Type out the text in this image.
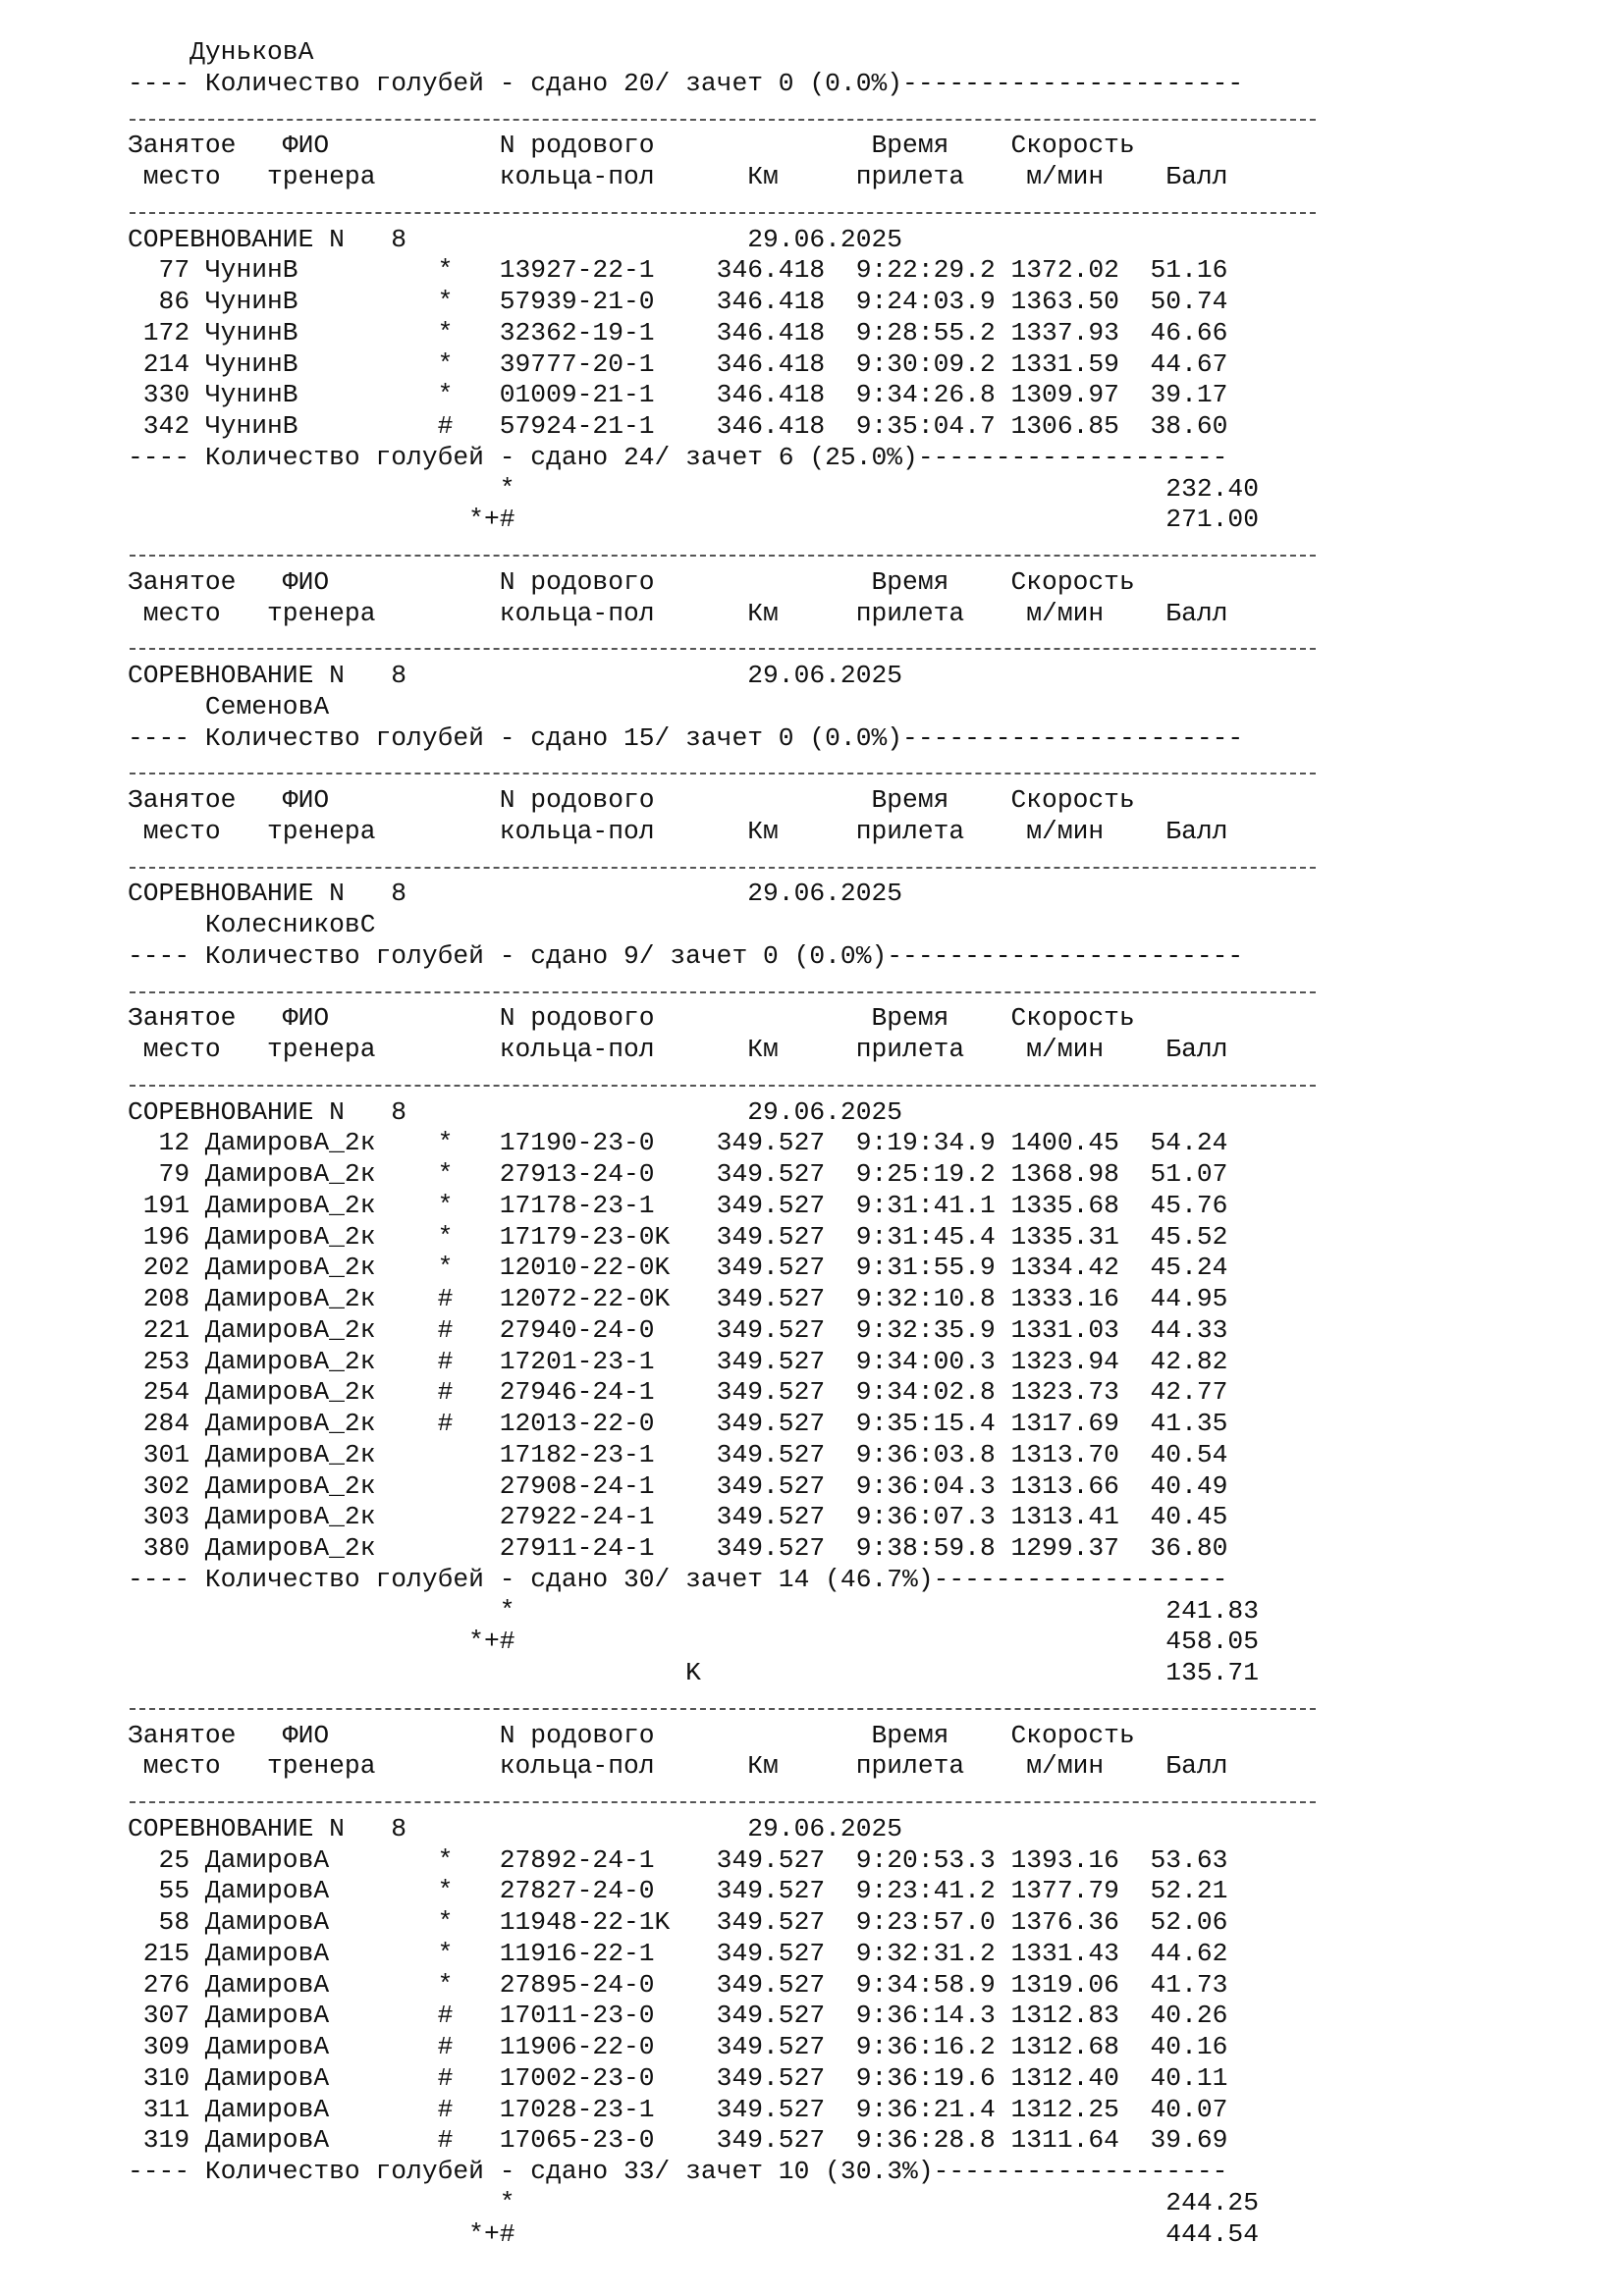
ДуньковА
---- Количество голубей - сдано 20/ зачет 0 (0.0%)----------------------
Занятое   ФИО           N родового              Время    Скорость
место   тренера        кольца-пол      Км     прилета    м/мин    Балл
СОРЕВНОВАНИЕ N   8	29.06.2025
77 ЧунинВ         *   13927-22-1    346.418  9:22:29.2 1372.02  51.16
86 ЧунинВ         *   57939-21-0    346.418  9:24:03.9 1363.50  50.74
172 ЧунинВ         *   32362-19-1    346.418  9:28:55.2 1337.93  46.66
214 ЧунинВ         *   39777-20-1    346.418  9:30:09.2 1331.59  44.67
330 ЧунинВ         *   01009-21-1    346.418  9:34:26.8 1309.97  39.17
342 ЧунинВ         #   57924-21-1    346.418  9:35:04.7 1306.85  38.60
---- Количество голубей - сдано 24/ зачет 6 (25.0%)--------------------
*                                          232.40
*+#                                          271.00
Занятое   ФИО           N родового              Время    Скорость
место   тренера        кольца-пол      Км     прилета    м/мин    Балл
СОРЕВНОВАНИЕ N   8	29.06.2025
СеменовА
---- Количество голубей - сдано 15/ зачет 0 (0.0%)----------------------
Занятое   ФИО           N родового              Время    Скорость
место   тренера        кольца-пол      Км     прилета    м/мин    Балл
СОРЕВНОВАНИЕ N   8	29.06.2025
КолесниковС
---- Количество голубей - сдано 9/ зачет 0 (0.0%)-----------------------
Занятое   ФИО           N родового              Время    Скорость
место   тренера        кольца-пол      Км     прилета    м/мин    Балл
СОРЕВНОВАНИЕ N   8	29.06.2025
12 ДамировА_2к    *   17190-23-0    349.527  9:19:34.9 1400.45  54.24
79 ДамировА_2к    *   27913-24-0    349.527  9:25:19.2 1368.98  51.07
191 ДамировА_2к    *   17178-23-1    349.527  9:31:41.1 1335.68  45.76
196 ДамировА_2к    *   17179-23-0K   349.527  9:31:45.4 1335.31  45.52
202 ДамировА_2к    *   12010-22-0K   349.527  9:31:55.9 1334.42  45.24
208 ДамировА_2к    #   12072-22-0K   349.527  9:32:10.8 1333.16  44.95
221 ДамировА_2к    #   27940-24-0    349.527  9:32:35.9 1331.03  44.33
253 ДамировА_2к    #   17201-23-1    349.527  9:34:00.3 1323.94  42.82
254 ДамировА_2к    #   27946-24-1    349.527  9:34:02.8 1323.73  42.77
284 ДамировА_2к    #   12013-22-0    349.527  9:35:15.4 1317.69  41.35
301 ДамировА_2к        17182-23-1    349.527  9:36:03.8 1313.70  40.54
302 ДамировА_2к        27908-24-1    349.527  9:36:04.3 1313.66  40.49
303 ДамировА_2к        27922-24-1    349.527  9:36:07.3 1313.41  40.45
380 ДамировА_2к        27911-24-1    349.527  9:38:59.8 1299.37  36.80
---- Количество голубей - сдано 30/ зачет 14 (46.7%)-------------------
*                                          241.83
*+#                                          458.05
K                              135.71
Занятое   ФИО           N родового              Время    Скорость
место   тренера        кольца-пол      Км     прилета    м/мин    Балл
СОРЕВНОВАНИЕ N   8	29.06.2025
25 ДамировА       *   27892-24-1    349.527  9:20:53.3 1393.16  53.63
55 ДамировА       *   27827-24-0    349.527  9:23:41.2 1377.79  52.21
58 ДамировА       *   11948-22-1K   349.527  9:23:57.0 1376.36  52.06
215 ДамировА       *   11916-22-1    349.527  9:32:31.2 1331.43  44.62
276 ДамировА       *   27895-24-0    349.527  9:34:58.9 1319.06  41.73
307 ДамировА       #   17011-23-0    349.527  9:36:14.3 1312.83  40.26
309 ДамировА       #   11906-22-0    349.527  9:36:16.2 1312.68  40.16
310 ДамировА       #   17002-23-0    349.527  9:36:19.6 1312.40  40.11
311 ДамировА       #   17028-23-1    349.527  9:36:21.4 1312.25  40.07
319 ДамировА       #   17065-23-0    349.527  9:36:28.8 1311.64  39.69
---- Количество голубей - сдано 33/ зачет 10 (30.3%)-------------------
*                                          244.25
*+#                                          444.54
